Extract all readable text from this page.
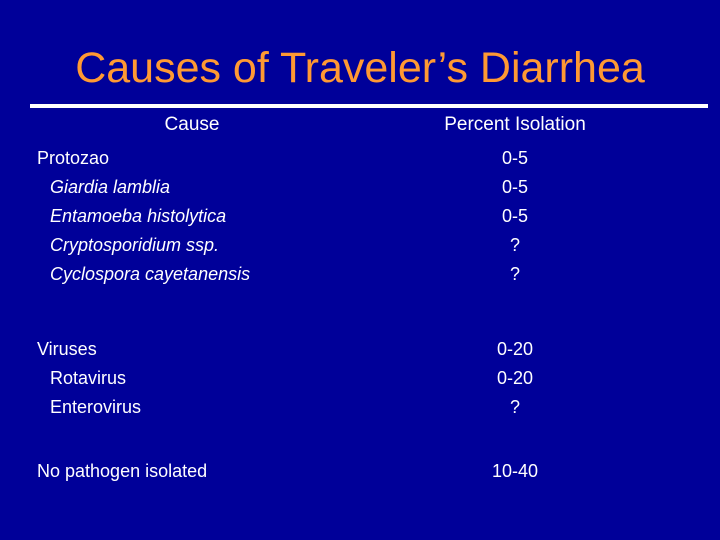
Causes of Traveler’s Diarrhea
Cause	Percent Isolation
Protozao	0-5
Giardia lamblia	0-5
Entamoeba histolytica	0-5
Cryptosporidium ssp.	?
Cyclospora cayetanensis	?
Viruses	0-20
Rotavirus	0-20
Enterovirus	?
No pathogen isolated	10-40
